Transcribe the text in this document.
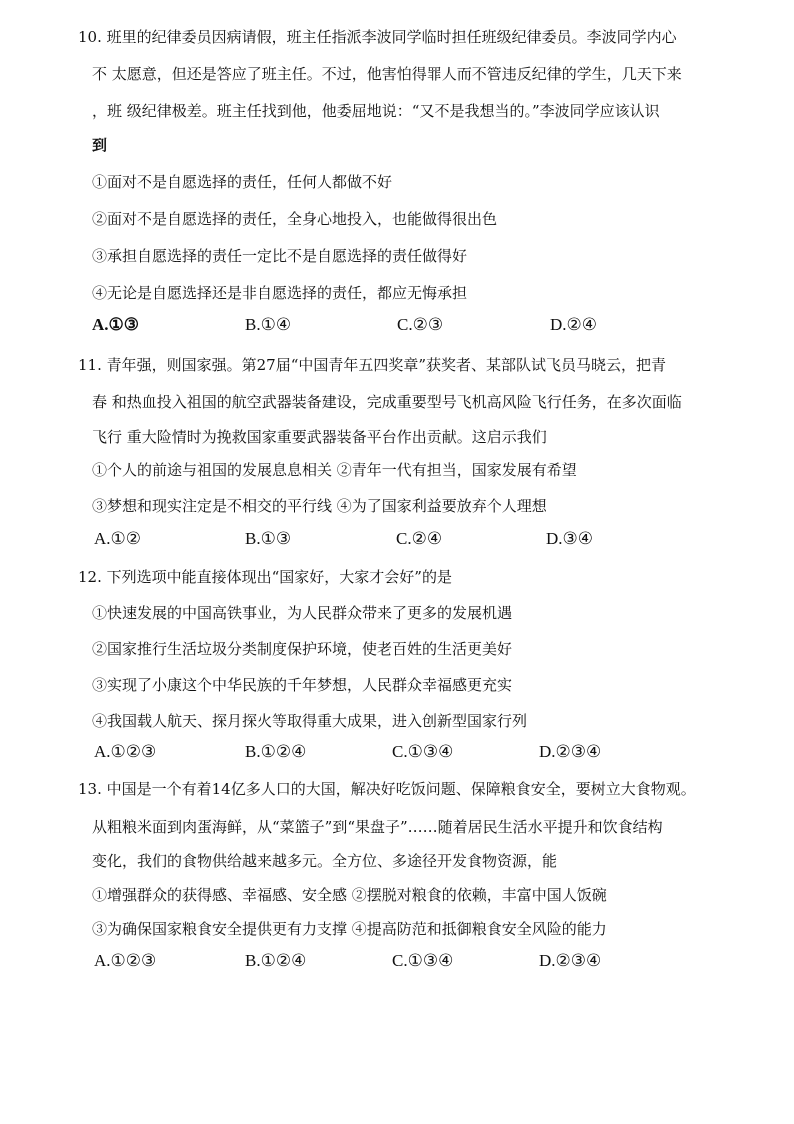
10. 班里的纪律委员因病请假，班主任指派李波同学临时担任班级纪律委员。李波同学内心
不 太愿意，但还是答应了班主任。不过，他害怕得罪人而不管违反纪律的学生，几天下来
，班 级纪律极差。班主任找到他，他委屈地说：“又不是我想当的。”李波同学应该认识
到
①面对不是自愿选择的责任，任何人都做不好
②面对不是自愿选择的责任，全身心地投入，也能做得很出色
③承担自愿选择的责任一定比不是自愿选择的责任做得好
④无论是自愿选择还是非自愿选择的责任，都应无悔承担
A.①③	B.①④	C.②③	D.②④
11. 青年强，则国家强。第27届“中国青年五四奖章”获奖者、某部队试飞员马晓云，把青
春 和热血投入祖国的航空武器装备建设，完成重要型号飞机高风险飞行任务，在多次面临
飞行 重大险情时为挽救国家重要武器装备平台作出贡献。这启示我们
①个人的前途与祖国的发展息息相关 ②青年一代有担当，国家发展有希望
③梦想和现实注定是不相交的平行线 ④为了国家利益要放弃个人理想
A.①②	B.①③	C.②④	D.③④
12. 下列选项中能直接体现出“国家好，大家才会好”的是
①快速发展的中国高铁事业，为人民群众带来了更多的发展机遇
②国家推行生活垃圾分类制度保护环境，使老百姓的生活更美好
③实现了小康这个中华民族的千年梦想，人民群众幸福感更充实
④我国载人航天、探月探火等取得重大成果，进入创新型国家行列
A.①②③	B.①②④	C.①③④	D.②③④
13. 中国是一个有着14亿多人口的大国，解决好吃饭问题、保障粮食安全，要树立大食物观。
从粗粮米面到肉蛋海鲜，从“菜篮子”到“果盘子”……随着居民生活水平提升和饮食结构
变化，我们的食物供给越来越多元。全方位、多途径开发食物资源，能
①增强群众的获得感、幸福感、安全感 ②摆脱对粮食的依赖，丰富中国人饭碗
③为确保国家粮食安全提供更有力支撑 ④提高防范和抵御粮食安全风险的能力
A.①②③	B.①②④	C.①③④	D.②③④
